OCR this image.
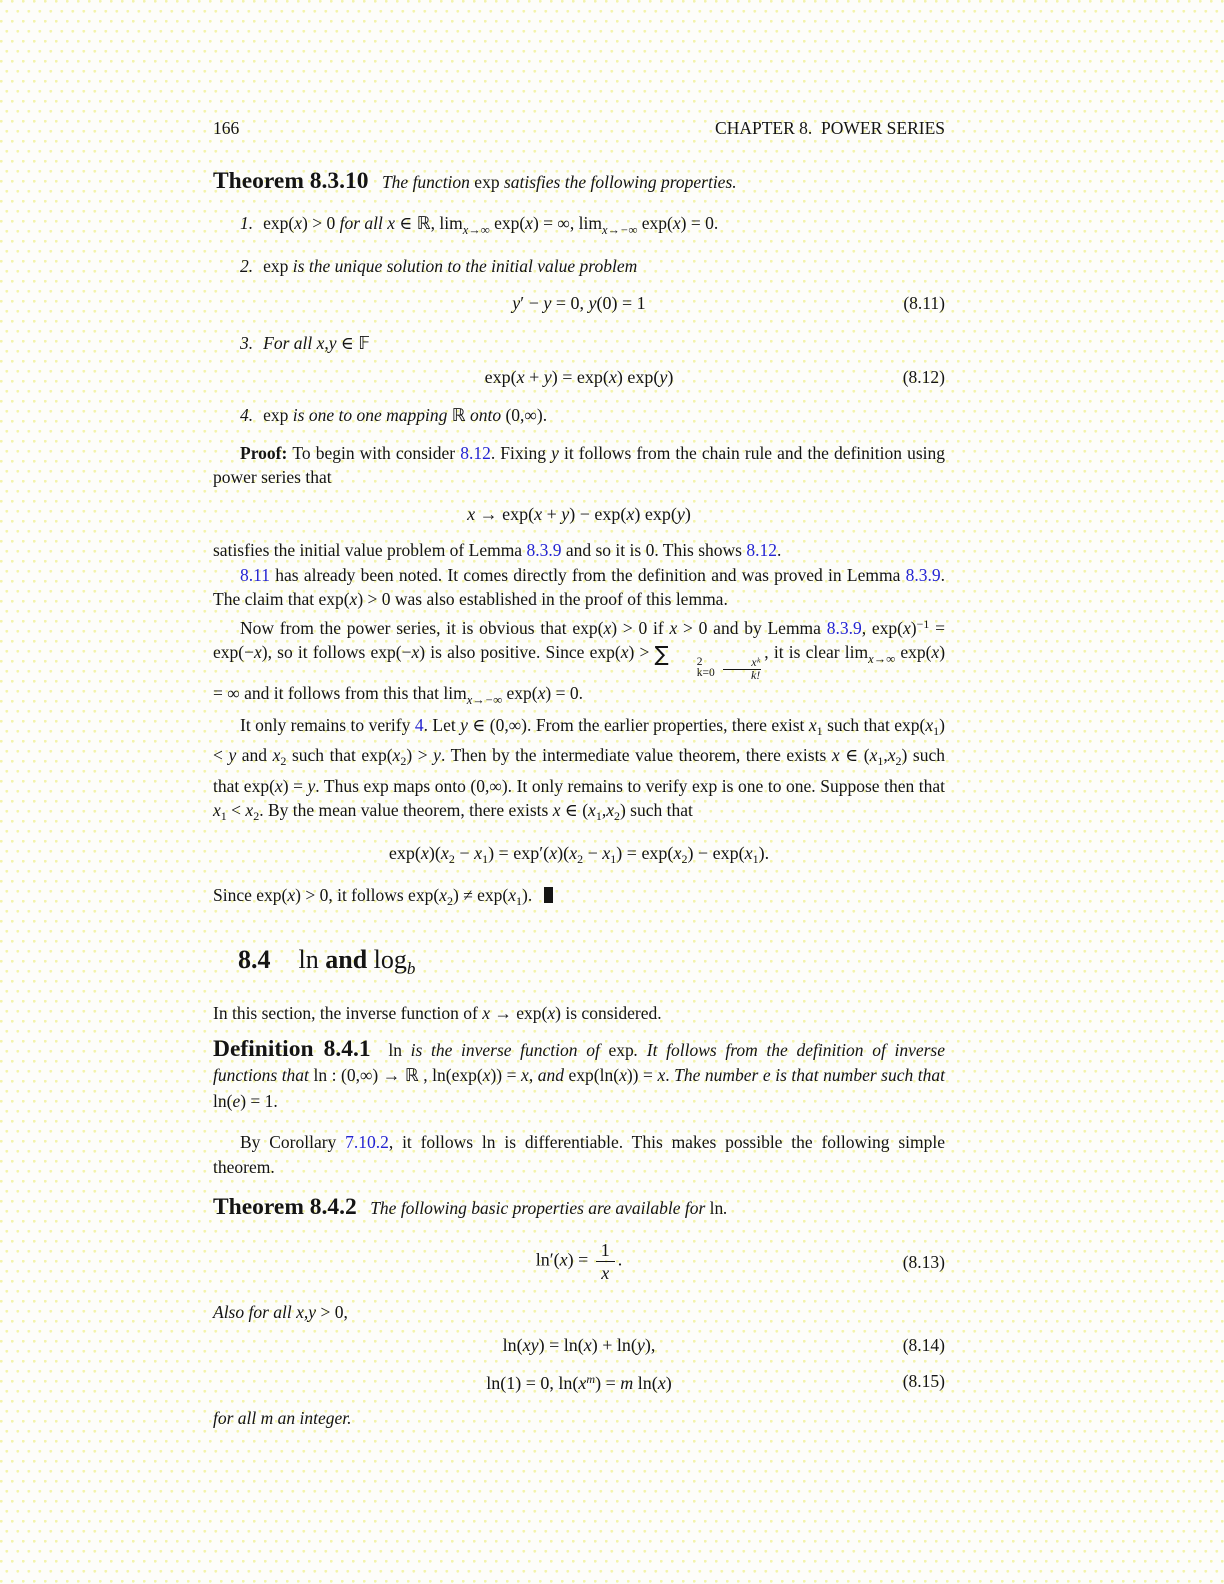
166	CHAPTER 8.  POWER SERIES

Theorem 8.3.10 The function exp satisfies the following properties.

1. exp(x) > 0 for all x ∈ ℝ, $\lim_{x\to\infty} \exp(x)$ = ∞, $\lim_{x\to-\infty} \exp(x) = 0$.
2. exp is the unique solution to the initial value problem
y′ − y = 0, y(0) = 1	(8.11)
3. For all x,y ∈ 𝔽
exp(x + y) = exp(x) exp(y)	(8.12)
4. exp is one to one mapping ℝ onto (0,∞).

Proof: To begin with consider 8.12. Fixing y it follows from the chain rule and the definition using power series that

x → exp(x + y) − exp(x) exp(y)

satisfies the initial value problem of Lemma 8.3.9 and so it is 0. This shows 8.12.

8.11 has already been noted. It comes directly from the definition and was proved in Lemma 8.3.9. The claim that exp(x) > 0 was also established in the proof of this lemma.

Now from the power series, it is obvious that exp(x) > 0 if x > 0 and by Lemma 8.3.9, $\exp(x)^{-1} = \exp(-x)$, so it follows exp(−x) is also positive. Since exp(x) > ∑	2
k=0
$\frac{\text{xᵏ}}{k!}$
, it is clear $\lim_{x\to\infty} \exp(x)$ = ∞ and it follows from this that $\lim_{x\to-\infty} \exp(x) = 0$.

It only remains to verify 4. Let y ∈ (0,∞). From the earlier properties, there exist $x_1$ such that $\exp(x_1) < y$ and $x_2$ such that $\exp(x_2) > y$. Then by the intermediate value theorem, there exists x ∈ $(x_1,x_2)$ such that exp(x) = y. Thus exp maps onto (0,∞). It only remains to verify exp is one to one. Suppose then that $x_1 < x_2$. By the mean value theorem, there exists x ∈ $(x_1,x_2)$ such that

$\exp(x)(x_2 - x_1) = \exp'(x)(x_2 - x_1) = \exp(x_2) - \exp(x_1)$.

Since exp(x) > 0, it follows $\exp(x_2) \ne \exp(x_1)$.

8.4 ln and $\log_b$

In this section, the inverse function of x → exp(x) is considered.

Definition 8.4.1 ln is the inverse function of exp. It follows from the definition of inverse functions that ln : (0,∞) → ℝ , ln(exp(x)) = x, and exp(ln(x)) = x. The number e is that number such that ln(e) = 1.

By Corollary 7.10.2, it follows ln is differentiable. This makes possible the following simple theorem.

Theorem 8.4.2 The following basic properties are available for ln.

$\ln'(x) = \frac{1}{x}$ .	(8.13)

Also for all x,y > 0,

ln(xy) = ln(x) + ln(y),	(8.14)
ln(1) = 0, $\ln(x^m) = m$ ln(x)	(8.15)

for all m an integer.
